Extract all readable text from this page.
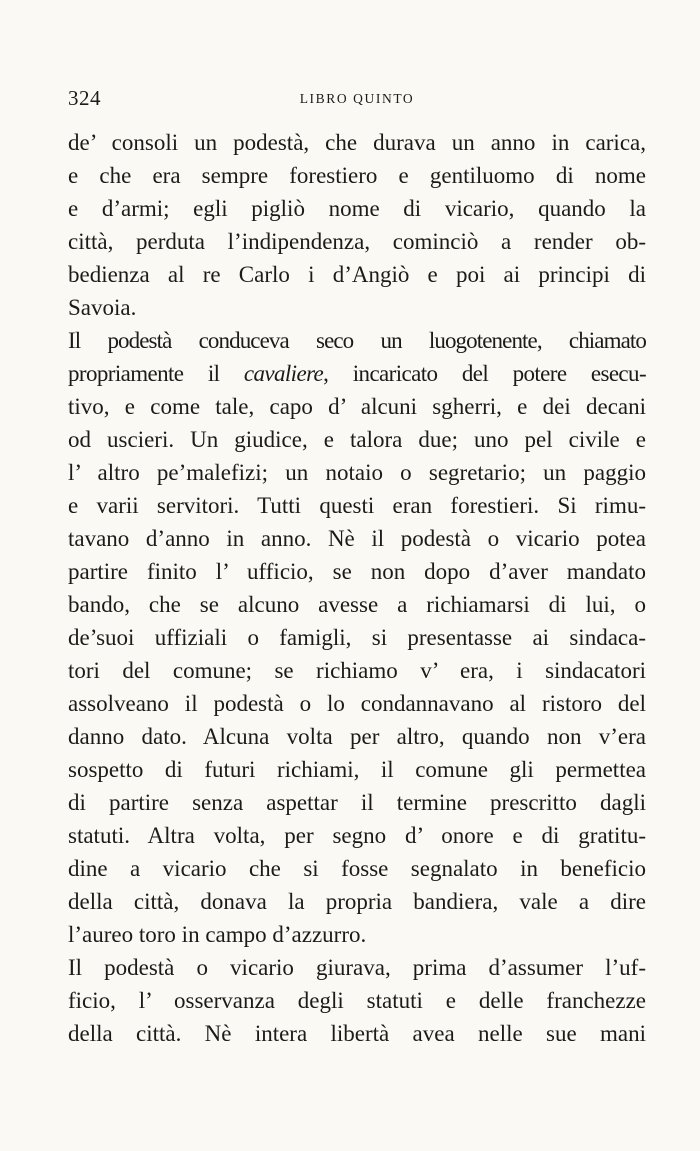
324	LIBRO QUINTO
de’ consoli un podestà, che durava un anno in carica,
e che era sempre forestiero e gentiluomo di nome
e d’armi; egli pigliò nome di vicario, quando la
città, perduta l’indipendenza, cominciò a render ob-
bedienza al re Carlo i d’Angiò e poi ai principi di
Savoia.
Il podestà conduceva seco un luogotenente, chiamato
propriamente il cavaliere, incaricato del potere esecu-
tivo, e come tale, capo d’ alcuni sgherri, e dei decani
od uscieri. Un giudice, e talora due; uno pel civile e
l’ altro pe’malefizi; un notaio o segretario; un paggio
e varii servitori. Tutti questi eran forestieri. Si rimu-
tavano d’anno in anno. Nè il podestà o vicario potea
partire finito l’ ufficio, se non dopo d’aver mandato
bando, che se alcuno avesse a richiamarsi di lui, o
de’suoi uffiziali o famigli, si presentasse ai sindaca-
tori del comune; se richiamo v’ era, i sindacatori
assolveano il podestà o lo condannavano al ristoro del
danno dato. Alcuna volta per altro, quando non v’era
sospetto di futuri richiami, il comune gli permettea
di partire senza aspettar il termine prescritto dagli
statuti. Altra volta, per segno d’ onore e di gratitu-
dine a vicario che si fosse segnalato in beneficio
della città, donava la propria bandiera, vale a dire
l’aureo toro in campo d’azzurro.
Il podestà o vicario giurava, prima d’assumer l’uf-
ficio, l’ osservanza degli statuti e delle franchezze
della città. Nè intera libertà avea nelle sue mani
